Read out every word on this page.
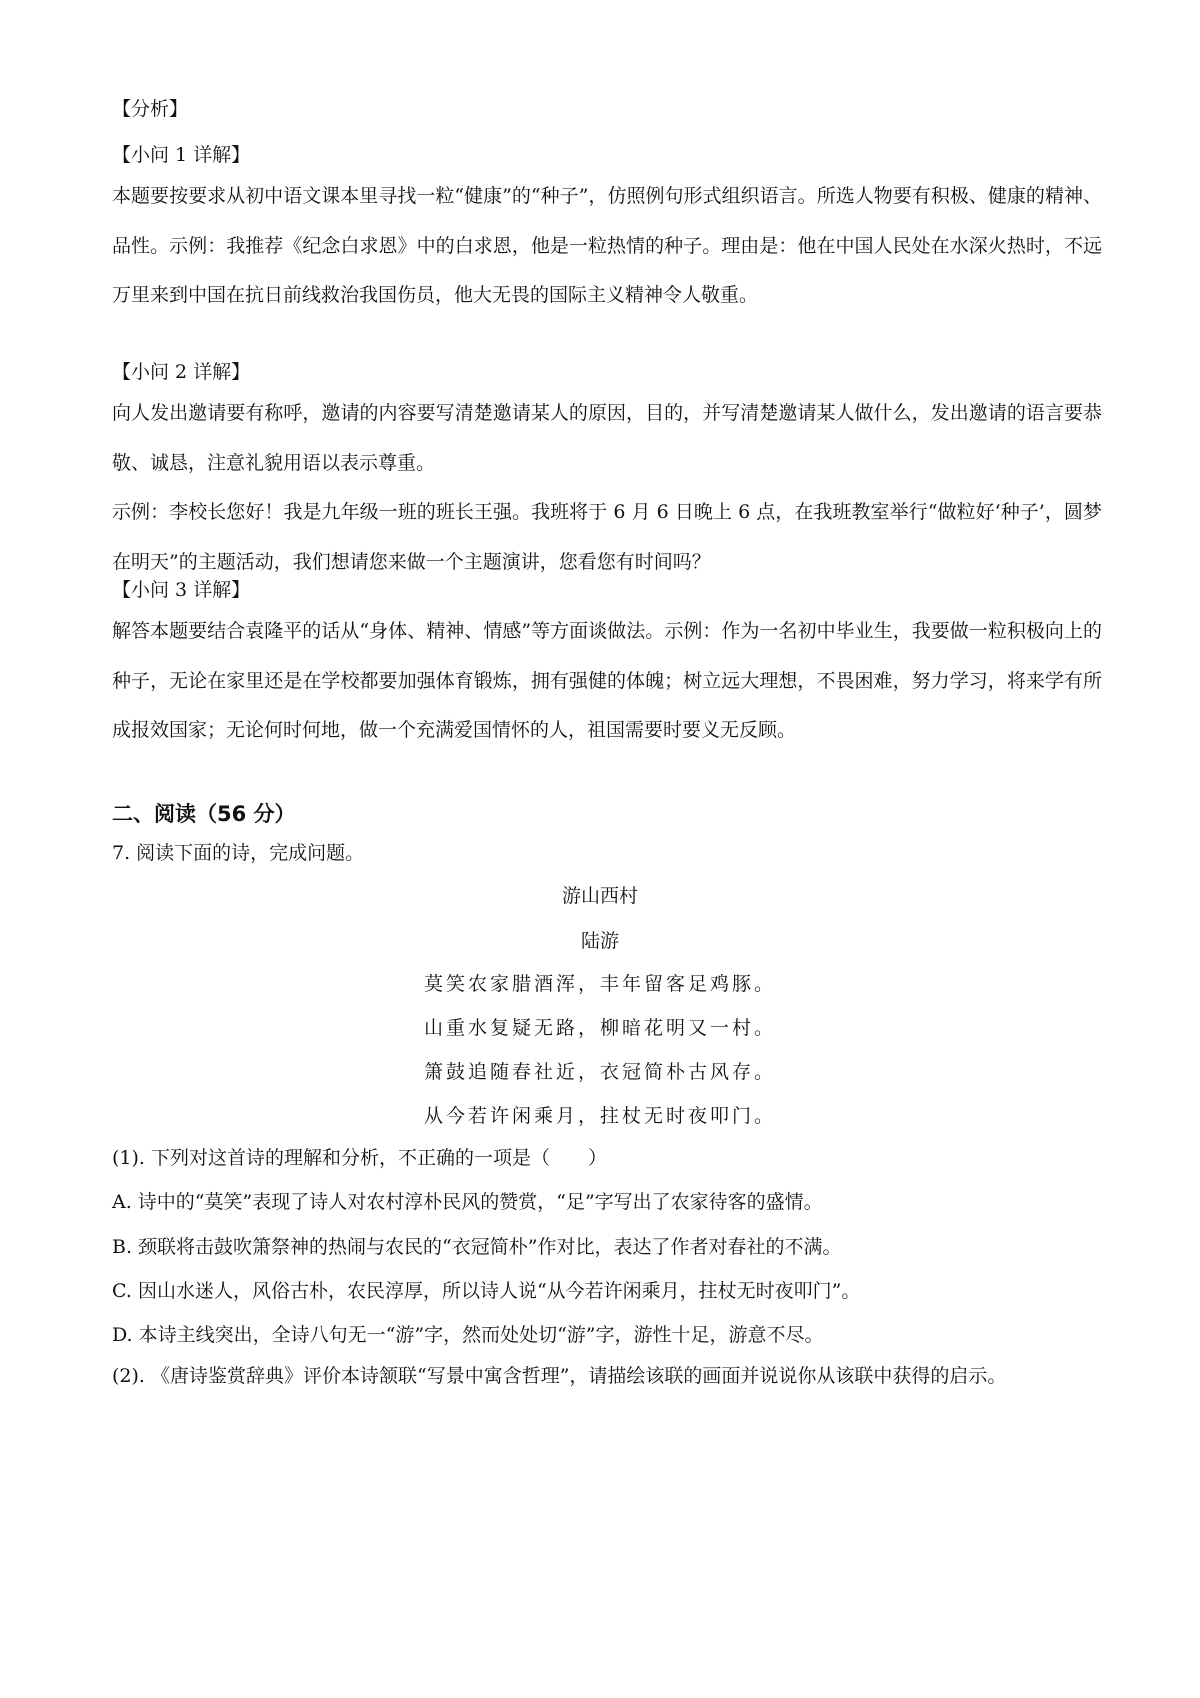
【分析】
【小问 1 详解】
本题要按要求从初中语文课本里寻找一粒“健康”的“种子”，仿照例句形式组织语言。所选人物要有积极、健康的精神、品性。示例：我推荐《纪念白求恩》中的白求恩，他是一粒热情的种子。理由是：他在中国人民处在水深火热时，不远万里来到中国在抗日前线救治我国伤员，他大无畏的国际主义精神令人敬重。
【小问 2 详解】
向人发出邀请要有称呼，邀请的内容要写清楚邀请某人的原因，目的，并写清楚邀请某人做什么，发出邀请的语言要恭敬、诚恳，注意礼貌用语以表示尊重。
示例：李校长您好！我是九年级一班的班长王强。我班将于 6 月 6 日晚上 6 点，在我班教室举行“做粒好‘种子’，圆梦在明天”的主题活动，我们想请您来做一个主题演讲，您看您有时间吗？
【小问 3 详解】
解答本题要结合袁隆平的话从“身体、精神、情感”等方面谈做法。示例：作为一名初中毕业生，我要做一粒积极向上的种子，无论在家里还是在学校都要加强体育锻炼，拥有强健的体魄；树立远大理想，不畏困难，努力学习，将来学有所成报效国家；无论何时何地，做一个充满爱国情怀的人，祖国需要时要义无反顾。
二、阅读（56 分）
7. 阅读下面的诗，完成问题。
游山西村
陆游
莫笑农家腊酒浑，丰年留客足鸡豚。
山重水复疑无路，柳暗花明又一村。
箫鼓追随春社近，衣冠简朴古风存。
从今若许闲乘月，拄杖无时夜叩门。
(1). 下列对这首诗的理解和分析，不正确的一项是（　　）
A. 诗中的“莫笑”表现了诗人对农村淳朴民风的赞赏，“足”字写出了农家待客的盛情。
B. 颈联将击鼓吹箫祭神的热闹与农民的“衣冠简朴”作对比，表达了作者对春社的不满。
C. 因山水迷人，风俗古朴，农民淳厚，所以诗人说“从今若许闲乘月，拄杖无时夜叩门”。
D. 本诗主线突出，全诗八句无一“游”字，然而处处切“游”字，游性十足，游意不尽。
(2). 《唐诗鉴赏辞典》评价本诗颔联“写景中寓含哲理”，请描绘该联的画面并说说你从该联中获得的启示。
